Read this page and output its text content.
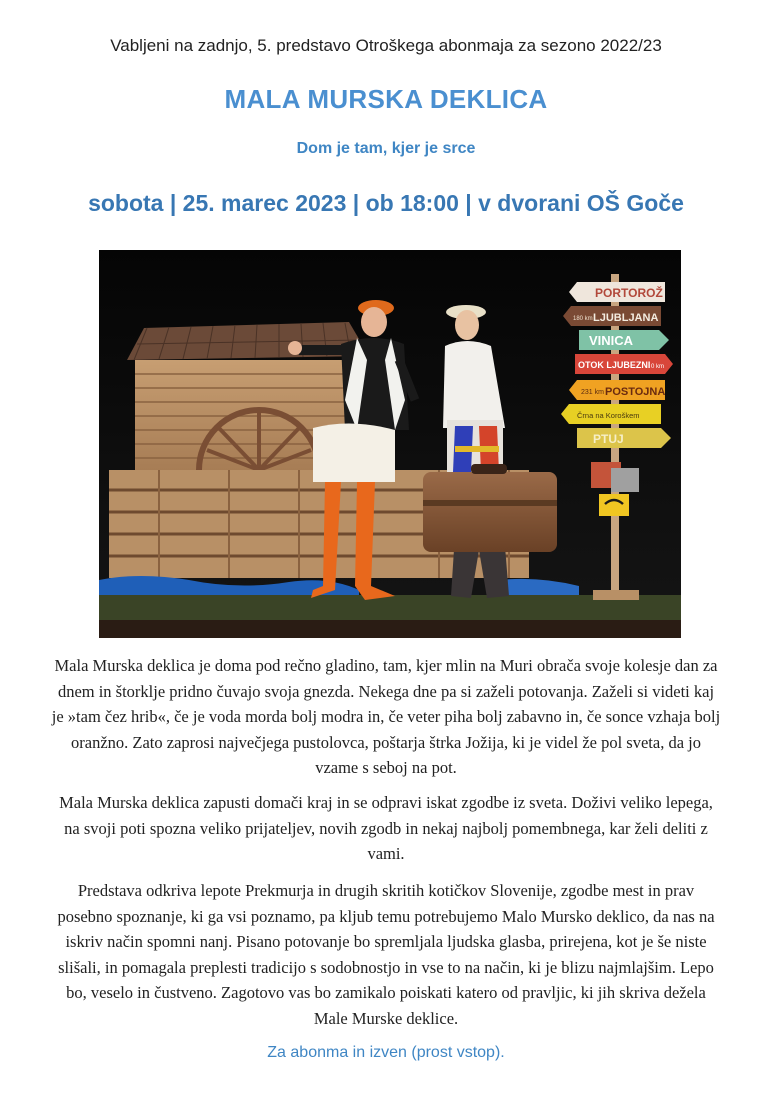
Vabljeni na zadnjo, 5. predstavo Otroškega abonmaja za sezono 2022/23
MALA MURSKA DEKLICA
Dom je tam, kjer je srce
sobota | 25. marec 2023 | ob 18:00 | v dvorani OŠ Goče
PORTOROŽ
180 km LJUBLJANA
VINICA
OTOK LJUBEZNI 0 km
231 km POSTOJNA
Črna na Koroškem
PTUJ

Mala Murska deklica je doma pod rečno gladino, tam, kjer mlin na Muri obrača svoje kolesje dan za dnem in štorklje pridno čuvajo svoja gnezda. Nekega dne pa si zaželi potovanja. Zaželi si videti kaj je »tam čez hrib«, če je voda morda bolj modra in, če veter piha bolj zabavno in, če sonce vzhaja bolj oranžno. Zato zaprosi največjega pustolovca, poštarja štrka Jožija, ki je videl že pol sveta, da jo vzame s seboj na pot.

Mala Murska deklica zapusti domači kraj in se odpravi iskat zgodbe iz sveta. Doživi veliko lepega, na svoji poti spozna veliko prijateljev, novih zgodb in nekaj najbolj pomembnega, kar želi deliti z vami.

Predstava odkriva lepote Prekmurja in drugih skritih kotičkov Slovenije, zgodbe mest in prav posebno spoznanje, ki ga vsi poznamo, pa kljub temu potrebujemo Malo Mursko deklico, da nas na iskriv način spomni nanj. Pisano potovanje bo spremljala ljudska glasba, prirejena, kot je še niste slišali, in pomagala preplesti tradicijo s sodobnostjo in vse to na način, ki je blizu najmlajšim. Lepo bo, veselo in čustveno. Zagotovo vas bo zamikalo poiskati katero od pravljic, ki jih skriva dežela Male Murske deklice.

Za abonma in izven (prost vstop).
